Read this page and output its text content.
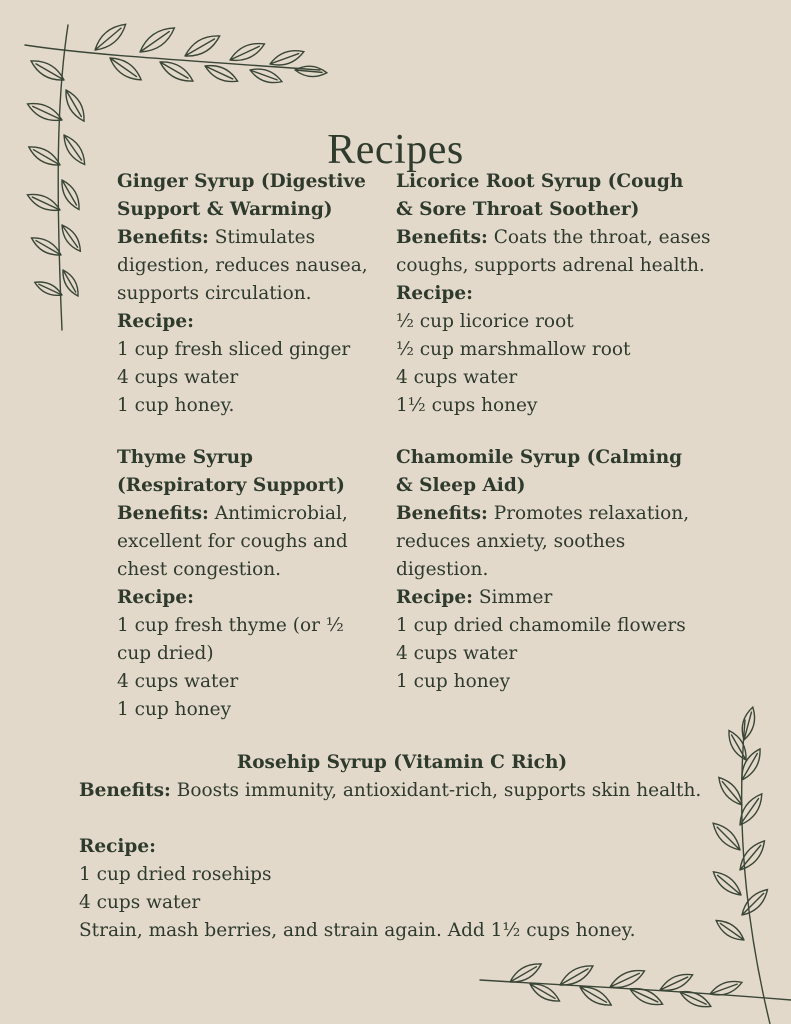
Recipes

Ginger Syrup (Digestive Support & Warming)

Benefits: Stimulates digestion, reduces nausea, supports circulation.

Recipe:

1 cup fresh sliced ginger

4 cups water

1 cup honey.

Licorice Root Syrup (Cough & Sore Throat Soother)

Benefits: Coats the throat, eases coughs, supports adrenal health.

Recipe:

½ cup licorice root

½ cup marshmallow root

4 cups water

1½ cups honey

Thyme Syrup (Respiratory Support)

Benefits: Antimicrobial, excellent for coughs and chest congestion.

Recipe:

1 cup fresh thyme (or ½ cup dried)

4 cups water

1 cup honey

Chamomile Syrup (Calming & Sleep Aid)

Benefits: Promotes relaxation, reduces anxiety, soothes digestion.

Recipe: Simmer

1 cup dried chamomile flowers

4 cups water

1 cup honey

Rosehip Syrup (Vitamin C Rich)

Benefits: Boosts immunity, antioxidant-rich, supports skin health.

Recipe:

1 cup dried rosehips

4 cups water

Strain, mash berries, and strain again. Add 1½ cups honey.
